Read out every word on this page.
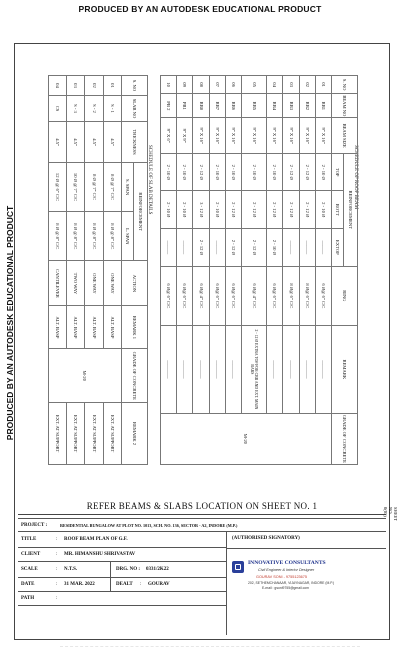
PRODUCED BY AN AUTODESK EDUCATIONAL PRODUCT
PRODUCED BY AN AUTODESK EDUCATIONAL PRODUCT
SCHEDULE OF ROOF BEAM
S. NO	BEAM NO	BEAM SIZE	REINFORCEMENT			RING	REMARK	GRADE OF CONCRETE
			TOP	BOTT	EXTOP			
01	RB1	9" X 16"	2 - 10 Ø	2 - 10 Ø	———	6 Ø@ 6" C/C	————	M-20
02	RB2	9" X 16"	2 - 12 Ø	2 - 12 Ø	———	8 Ø@ 6" C/C	————	
03	RB3	9" X 16"	2 - 12 Ø	2 - 12 Ø	———	8 Ø@ 6" C/C	————	
04	RB4	9" X 16"	2 - 10 Ø	2 - 12 Ø	2 - 10 Ø	6 Ø@ 6" C/C	————	
05	RB5	9" X 16"	2 - 10 Ø	2 - 12 Ø	2 - 12 Ø	6 Ø@ 4" C/C	2 - 12 Ø EXTRA TOP FOR CBB AND EXT. MAIN BARS	
06	RB6	9" X 16"	2 - 10 Ø	2 - 12 Ø	2 - 12 Ø	6 Ø@ 6" C/C	————	
07	RB7	9" X 16"	2 - 10 Ø	2 - 10 Ø	———	6 Ø@ 6" C/C	————	
08	RB8	9" X 16"	2 - 12 Ø	3 - 12 Ø	2 - 12 Ø	6 Ø@ 4" C/C	————	
09	PB1	9" X 9"	2 - 10 Ø	2 - 10 Ø	———	6 Ø@ 6" C/C	————	
10	PB 2	9" X 6"	2 - 10 Ø	2 - 10 Ø	———	6 Ø@ 6" C/C	————	
SCHEDULE OF SLAB DETAILS
S. NO	SLAB NO	THICKNESS	REINFORCEMENT		ACTION	REMARK 1	GRADE OF CONCRETE	REMARK 2
			S. SPAN	L. SPAN				
01	S - 1	4.5"	8 Ø @ 7" C/C	8 Ø @ 8" C/C	ONE WAY	ALT. BASP	M-20	EXT. AT SUPPORT
02	S - 2	4.5"	8 Ø @ 7" C/C	8 Ø @ 8" C/C	ONE WAY	ALT. BASP		EXT. AT SUPPORT
03	S - 3	4.5"	10 Ø @ 7" C/C	8 Ø @ 8" C/C	TWO WAY	ALT. BASP		EXT. AT SUPPORT
04	CS	4.5"	12 Ø @ 6" C/C	8 Ø @ 8" C/C	CANTILEVER	ALT. BASP		EXT. AT SUPPORT
SHEET NO. 0(05)
REFER BEAMS & SLABS LOCATION ON SHEET NO. 1
PROJECT :	RESIDENTIAL BUNGALOW AT PLOT NO. 1013, SCH. NO. 136, SECTOR - A2, INDORE (M.P.)
TITLE	: ROOF BEAM PLAN OF G.F.	(AUTHORISED SIGNATORY)
CLIENT	: MR. HIMANSHU SHRIVASTAV
SCALE	: N.T.S.	DRG. NO : 0331/2K22
DATE	: 31 MAR. 2022	DEALT : GOURAV
PATH	:
INNOVATIVE CONSULTANTS
Civil Engineer & Interior Designer
GOURAV SONI - 9755123675
202, SETHEMCHANAAR, VIJAYNAGAR, INDORE (M.P.)
E-mail : gsoni9755@gmail.com
